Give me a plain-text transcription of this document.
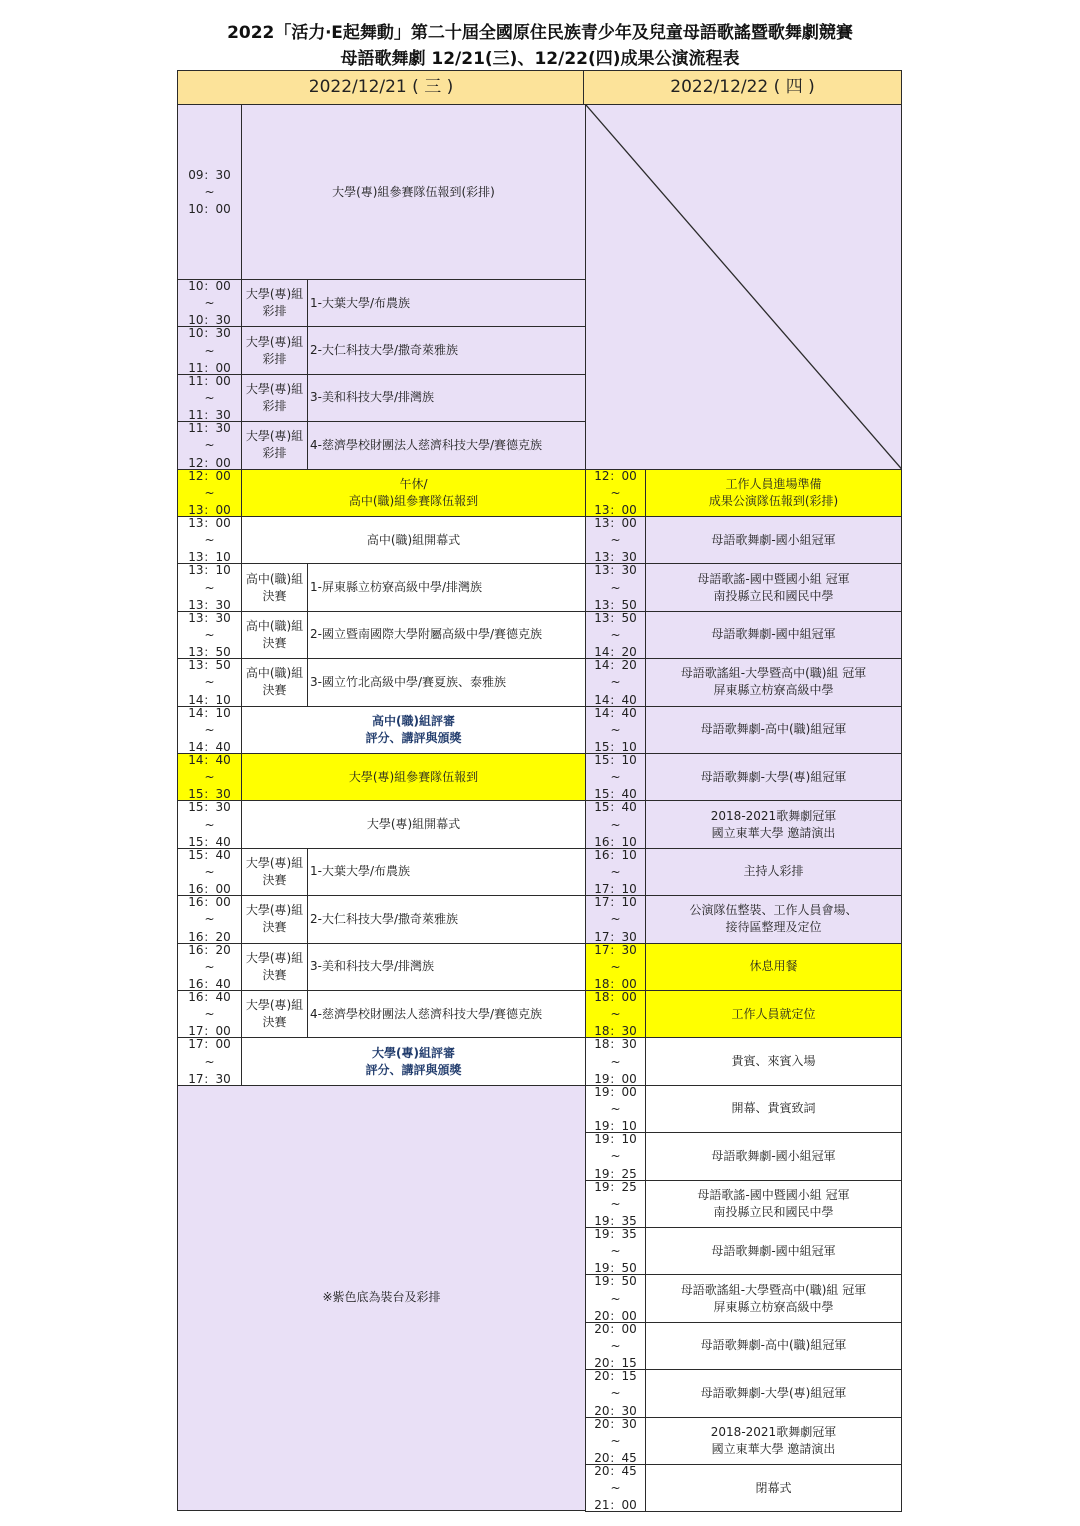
2022「活力‧E起舞動」第二十屆全國原住民族青少年及兒童母語歌謠暨歌舞劇競賽
母語歌舞劇 12/21(三)、12/22(四)成果公演流程表
09：30
~
10：00
大學(專)組參賽隊伍報到(彩排)
10：00
~
10：30
大學(專)組
彩排
1-大葉大學/布農族
10：30
~
11：00
大學(專)組
彩排
2-大仁科技大學/撒奇萊雅族
11：00
~
11：30
大學(專)組
彩排
3-美和科技大學/排灣族
11：30
~
12：00
大學(專)組
彩排
4-慈濟學校財團法人慈濟科技大學/賽德克族
12：00
~
13：00
午休/
高中(職)組參賽隊伍報到
13：00
~
13：10
高中(職)組開幕式
13：10
~
13：30
高中(職)組
決賽
1-屏東縣立枋寮高級中學/排灣族
13：30
~
13：50
高中(職)組
決賽
2-國立暨南國際大學附屬高級中學/賽德克族
13：50
~
14：10
高中(職)組
決賽
3-國立竹北高級中學/賽夏族、泰雅族
14：10
~
14：40
高中(職)組評審
評分、講評與頒獎
14：40
~
15：30
大學(專)組參賽隊伍報到
15：30
~
15：40
大學(專)組開幕式
15：40
~
16：00
大學(專)組
決賽
1-大葉大學/布農族
16：00
~
16：20
大學(專)組
決賽
2-大仁科技大學/撒奇萊雅族
16：20
~
16：40
大學(專)組
決賽
3-美和科技大學/排灣族
16：40
~
17：00
大學(專)組
決賽
4-慈濟學校財團法人慈濟科技大學/賽德克族
17：00
~
17：30
大學(專)組評審
評分、講評與頒獎
※紫色底為裝台及彩排
12：00
~
13：00
工作人員進場準備
成果公演隊伍報到(彩排)
13：00
~
13：30
母語歌舞劇-國小組冠軍
13：30
~
13：50
母語歌謠-國中暨國小組 冠軍
南投縣立民和國民中學
13：50
~
14：20
母語歌舞劇-國中組冠軍
14：20
~
14：40
母語歌謠組-大學暨高中(職)組 冠軍
屏東縣立枋寮高級中學
14：40
~
15：10
母語歌舞劇-高中(職)組冠軍
15：10
~
15：40
母語歌舞劇-大學(專)組冠軍
15：40
~
16：10
2018-2021歌舞劇冠軍
國立東華大學 邀請演出
16：10
~
17：10
主持人彩排
17：10
~
17：30
公演隊伍整裝、工作人員會場、
接待區整理及定位
17：30
~
18：00
休息用餐
18：00
~
18：30
工作人員就定位
18：30
~
19：00
貴賓、來賓入場
19：00
~
19：10
開幕、貴賓致詞
19：10
~
19：25
母語歌舞劇-國小組冠軍
19：25
~
19：35
母語歌謠-國中暨國小組 冠軍
南投縣立民和國民中學
19：35
~
19：50
母語歌舞劇-國中組冠軍
19：50
~
20：00
母語歌謠組-大學暨高中(職)組 冠軍
屏東縣立枋寮高級中學
20：00
~
20：15
母語歌舞劇-高中(職)組冠軍
20：15
~
20：30
母語歌舞劇-大學(專)組冠軍
20：30
~
20：45
2018-2021歌舞劇冠軍
國立東華大學 邀請演出
20：45
~
21：00
閉幕式
2022/12/21 ( 三 )	2022/12/22 ( 四 )
